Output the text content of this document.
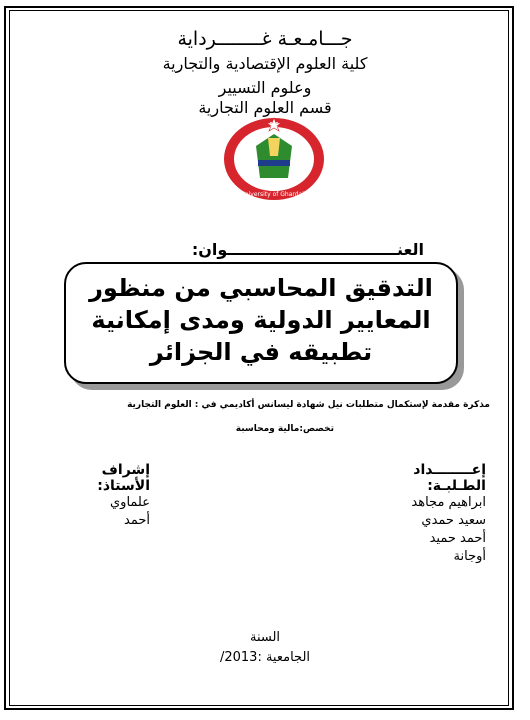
جـــامـعـة غــــــــرداية
كلية العلوم الإقتصادية والتجارية
وعلوم التسيير
قسم العلوم التجارية
University of Ghardaia
العنـــــــــــــــــــــــــــــــوان:
التدقيق المحاسبي من منظور المعايير الدولية ومدى إمكانية تطبيقه في الجزائر
مذكرة مقدمة لإستكمال متطلبات نيل شهادة ليسانس أكاديمي في : العلوم التجارية
تخصص:مالية ومحاسبة
إعــــــــداد
الطـلبـة:
ابراهيم مجاهد
سعيد حمدي
أحمد حميد
أوجانة
إشراف
الأستاذ:
علماوي
أحمد
السنة
الجامعية :2013/
